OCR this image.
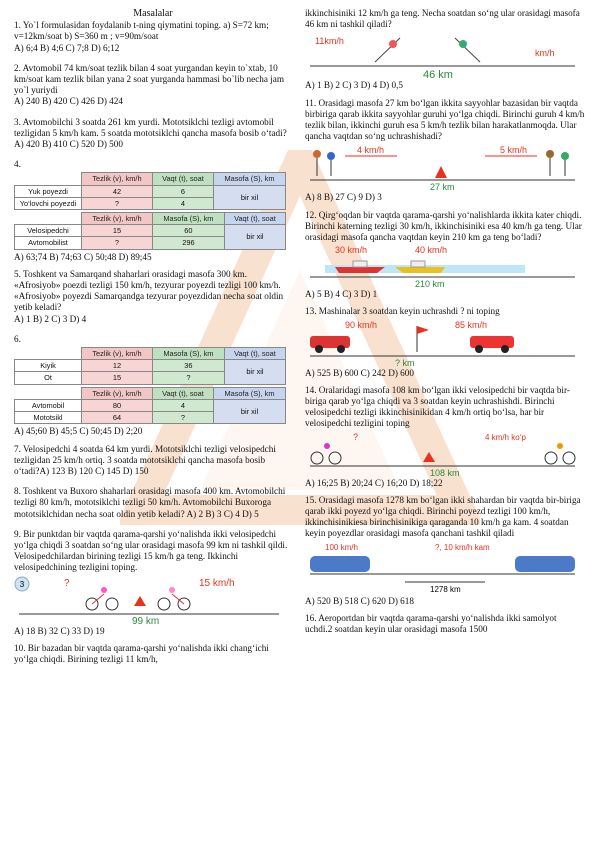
Masalalar

1. Yo`l formulasidan foydalanib t-ning qiymatini toping. a) S=72 km; v=12km/soat b) S=360 m ; v=90m/soat

A) 6;4 B) 4;6 C) 7;8 D) 6;12

2. Avtomobil 74 km/soat tezlik bilan 4 soat yurgandan keyin to`xtab, 10 km/soat kam tezlik bilan yana 2 soat yurganda hammasi bo`lib necha jam yo`l yuriydi

A) 240 B) 420 C) 426 D) 424

3. Avtomobilchi 3 soatda 261 km yurdi. Mototsiklchi tezligi avtomobil tezligidan 5 km/h kam. 5 soatda mototsiklchi qancha masofa bosib o‘tadi? A) 420 B) 410 C) 520 D) 500

4.

	Tezlik (v), km/h	Vaqt (t), soat	Masofa (S), km
Yuk poyezdi	42	6	bir xil
Yo‘lovchi poyezdi	?	4	
	Tezlik (v), km/h	Masofa (S), km	Vaqt (t), soat
Velosipedchi	15	60	bir xil
Avtomobilist	?	296	

A) 63;74 B) 74;63 C) 50;48 D) 89;45

5. Toshkent va Samarqand shaharlari orasidagi masofa 300 km. «Afrosiyob» poezdi tezligi 150 km/h, tezyurar poyezdi tezligi 100 km/h. «Afrosiyob» poyezdi Samarqandga tezyurar poyezdidan necha soat oldin yetib keladi?

A) 1 B) 2 C) 3 D) 4

6.

	Tezlik (v), km/h	Masofa (S), km	Vaqt (t), soat
Kiyik	12	36	bir xil
Ot	15	?	
	Tezlik (v), km/h	Vaqt (t), soat	Masofa (S), km
Avtomobil	80	4	bir xil
Mototsikl	64	?	

A) 45;60 B) 45;5 C) 50;45 D) 2;20

7. Velosipedchi 4 soatda 64 km yurdi. Mototsiklchi tezligi velosipedchi tezligidan 25 km/h ortiq. 3 soatda mototsiklchi qancha masofa bosib o‘tadi?A) 123 B) 120 C) 145 D) 150

8. Toshkent va Buxoro shaharlari orasidagi masofa 400 km. Avtomobilchi tezligi 80 km/h, mototsiklchi tezligi 50 km/h. Avtomobilchi Buxoroga mototsiklchidan necha soat oldin yetib keladi? A) 2 B) 3 C) 4 D) 5

9. Bir punktdan bir vaqtda qarama-qarshi yo‘nalishda ikki velosipedchi yo‘lga chiqdi 3 soatdan so‘ng ular orasidagi masofa 99 km ni tashkil qildi. Velosipedchilardan birining tezligi 15 km/h ga teng. Ikkinchi velosipedchining tezligini toping.

3	?	15 km/h
99 km

A) 18 B) 32 C) 33 D) 19

10. Bir bazadan bir vaqtda qarama-qarshi yo‘nalishda ikki chang‘ichi yo‘lga chiqdi. Birining tezligi 11 km/h,

ikkinchisiniki 12 km/h ga teng. Necha soatdan so‘ng ular orasidagi masofa 46 km ni tashkil qiladi?

11km/h
km/h
46 km

A) 1 B) 2 C) 3 D) 4 D) 0,5

11. Orasidagi masofa 27 km bo‘lgan ikkita sayyohlar bazasidan bir vaqtda birbiriga qarab ikkita sayyohlar guruhi yo‘lga chiqdi. Birinchi guruh 4 km/h tezlik bilan, ikkinchi guruh esa 5 km/h tezlik bilan harakatlanmoqda. Ular qancha vaqtdan so‘ng uchrashishadi?

4 km/h	5 km/h
27 km

A) 8 B) 27 C) 9 D) 3

12. Qirg‘oqdan bir vaqtda qarama-qarshi yo‘nalishlarda ikkita kater chiqdi. Birinchi katerning tezligi 30 km/h, ikkinchisiniki esa 40 km/h ga teng. Ular orasidagi masofa qancha vaqtdan keyin 210 km ga teng bo‘ladi?

30 km/h	40 km/h
210 km

A) 5 B) 4 C) 3 D) 1

13. Mashinalar 3 soatdan keyin uchrashdi ? ni toping

90 km/h	85 km/h
? km

A) 525 B) 600 C) 242 D) 600

14. Oralaridagi masofa 108 km bo‘lgan ikki velosipedchi bir vaqtda bir-biriga qarab yo‘lga chiqdi va 3 soatdan keyin uchrashishdi. Birinchi velosipedchi tezligi ikkinchisinikidan 4 km/h ortiq bo‘lsa, har bir velosipedchi tezligini toping

?	4 km/h ko‘p
108 km

A) 16;25 B) 20;24 C) 16;20 D) 18;22

15. Orasidagi masofa 1278 km bo‘lgan ikki shahardan bir vaqtda bir-biriga qarab ikki poyezd yo‘lga chiqdi. Birinchi poyezd tezligi 100 km/h, ikkinchisinikiesa birinchisinikiga qaraganda 10 km/h ga kam. 4 soatdan keyin poyezdlar orasidagi masofa qanchani tashkil qiladi

100 km/h	?, 10 km/h kam
1278 km

A) 520 B) 518 C) 620 D) 618

16. Aeroportdan bir vaqtda qarama-qarshi yo‘nalishda ikki samolyot uchdi.2 soatdan keyin ular orasidagi masofa 1500
